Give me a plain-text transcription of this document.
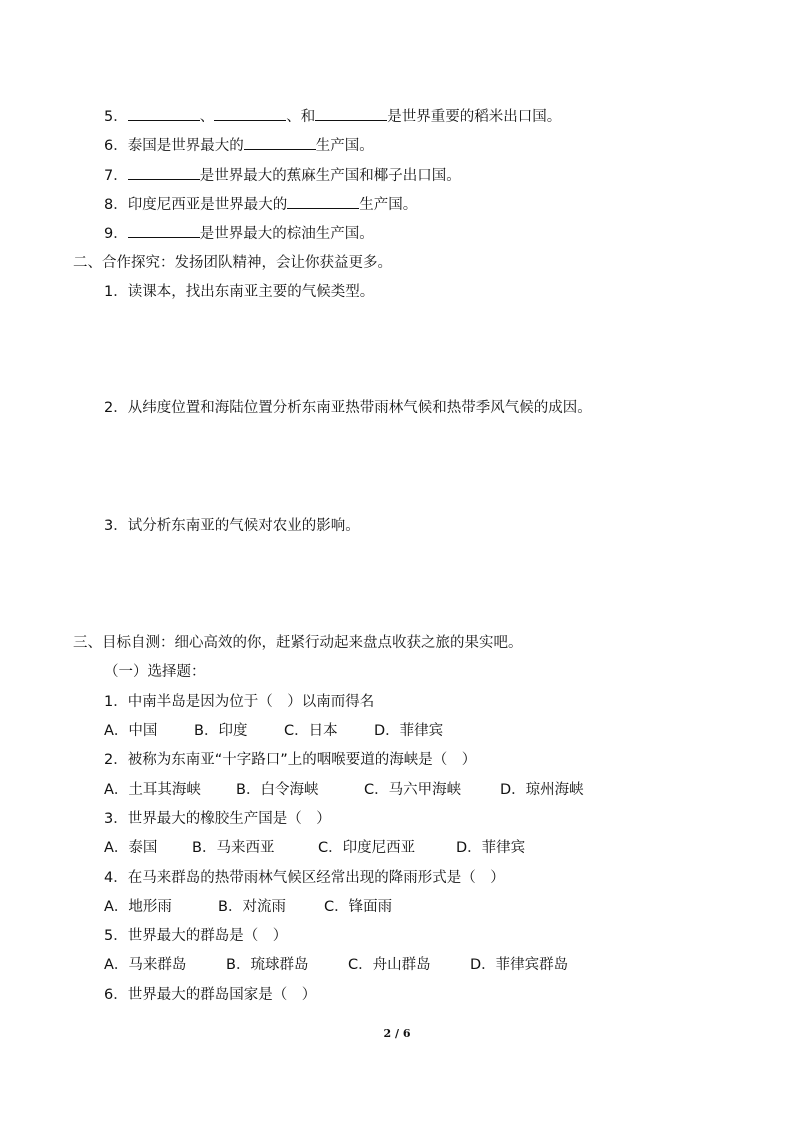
5．	、	、和	是世界重要的稻米出口国。
6．泰国是世界最大的	生产国。
7．	是世界最大的蕉麻生产国和椰子出口国。
8．印度尼西亚是世界最大的	生产国。
9．	是世界最大的棕油生产国。
二、合作探究：发扬团队精神，会让你获益更多。
1．读课本，找出东南亚主要的气候类型。
2．从纬度位置和海陆位置分析东南亚热带雨林气候和热带季风气候的成因。
3．试分析东南亚的气候对农业的影响。
三、目标自测：细心高效的你，赶紧行动起来盘点收获之旅的果实吧。
（一）选择题：
1．中南半岛是因为位于（　）以南而得名
A．中国	B．印度	C．日本	D．菲律宾
2．被称为东南亚“十字路口”上的咽喉要道的海峡是（　）
A．土耳其海峡 B．白令海峡	C．马六甲海峡	D．琼州海峡
3．世界最大的橡胶生产国是（　）
A．泰国 B．马来西亚	C．印度尼西亚	D．菲律宾
4．在马来群岛的热带雨林气候区经常出现的降雨形式是（　）
A．地形雨	B．对流雨	C．锋面雨
5．世界最大的群岛是（　）
A．马来群岛	B．琉球群岛	C．舟山群岛	D．菲律宾群岛
6．世界最大的群岛国家是（　）
2 / 6
